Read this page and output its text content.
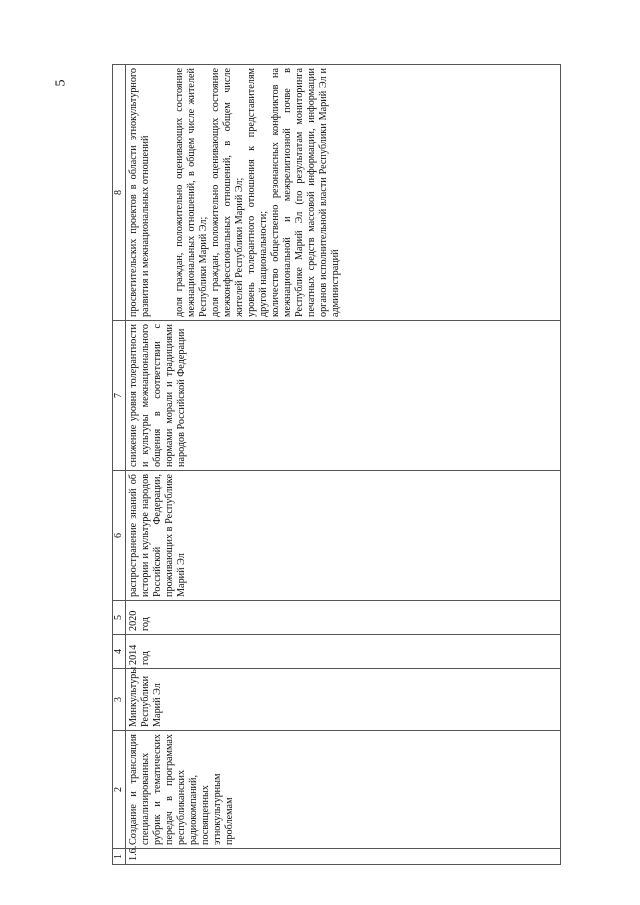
5
1	2	3	4	5	6	7	8
1.6.	Создание и трансляция специализированных рубрик и тематических передач в программах республиканских радиокомпаний, посвященных этнокультурным проблемам	Минкультуры Республики Марий Эл	2014 год	2020 год	распространение знаний об истории и культуре народов Российской Федерации, проживающих в Республике Марий Эл	снижение уровня толерантности и культуры межнационального общения в соответствии с нормами морали и традициями народов Российской Федерации	просветительских проектов в области этнокультурного развития и межнациональных отношений доля граждан, положительно оценивающих состояние межнациональных отношений, в общем числе жителей Республики Марий Эл; доля граждан, положительно оценивающих состояние межконфессиональных отношений, в общем числе жителей Республики Марий Эл; уровень толерантного отношения к представителям другой национальности; количество общественно резонансных конфликтов на межнациональной и межрелигиозной почве в Республике Марий Эл (по результатам мониторинга печатных средств массовой информации, информации органов исполнительной власти Республики Марий Эл и администраций
